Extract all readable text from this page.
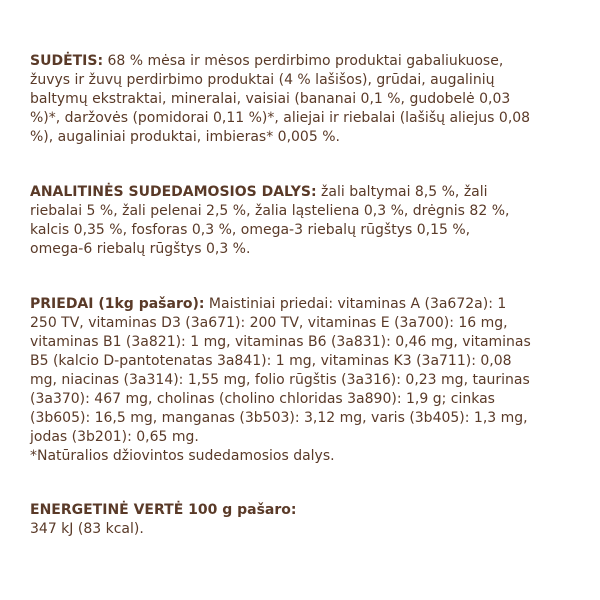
SUDĖTIS: 68 % mėsa ir mėsos perdirbimo produktai gabaliukuose,
žuvys ir žuvų perdirbimo produktai (4 % lašišos), grūdai, augalinių
baltymų ekstraktai, mineralai, vaisiai (bananai 0,1 %, gudobelė 0,03
%)*, daržovės (pomidorai 0,11 %)*, aliejai ir riebalai (lašišų aliejus 0,08
%), augaliniai produktai, imbieras* 0,005 %.

ANALITINĖS SUDEDAMOSIOS DALYS: žali baltymai 8,5 %, žali
riebalai 5 %, žali pelenai 2,5 %, žalia ląsteliena 0,3 %, drėgnis 82 %,
kalcis 0,35 %, fosforas 0,3 %, omega-3 riebalų rūgštys 0,15 %,
omega-6 riebalų rūgštys 0,3 %.

PRIEDAI (1kg pašaro): Maistiniai priedai: vitaminas A (3a672a): 1
250 TV, vitaminas D3 (3a671): 200 TV, vitaminas E (3a700): 16 mg,
vitaminas B1 (3a821): 1 mg, vitaminas B6 (3a831): 0,46 mg, vitaminas
B5 (kalcio D-pantotenatas 3a841): 1 mg, vitaminas K3 (3a711): 0,08
mg, niacinas (3a314): 1,55 mg, folio rūgštis (3a316): 0,23 mg, taurinas
(3a370): 467 mg, cholinas (cholino chloridas 3a890): 1,9 g; cinkas
(3b605): 16,5 mg, manganas (3b503): 3,12 mg, varis (3b405): 1,3 mg,
jodas (3b201): 0,65 mg.
*Natūralios džiovintos sudedamosios dalys.

ENERGETINĖ VERTĖ 100 g pašaro:
347 kJ (83 kcal).
